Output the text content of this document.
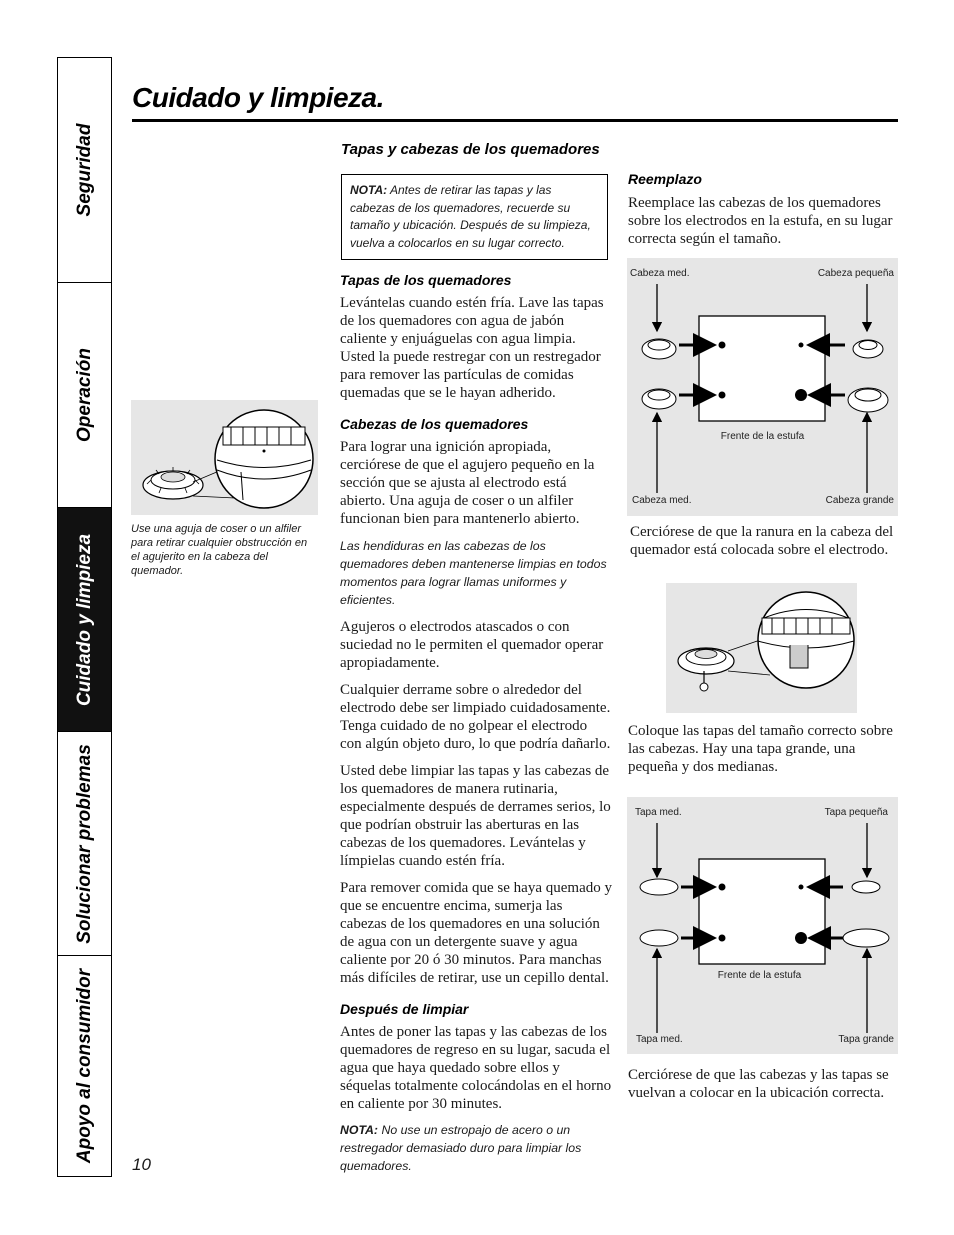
Seguridad
Operación
Cuidado y limpieza
Solucionar problemas
Apoyo al consumidor
Cuidado y limpieza.

Use una aguja de coser o un alfiler para retirar cualquier obstrucción en el agujerito en la cabeza del quemador.

10
Tapas y cabezas de los quemadores

NOTA: Antes de retirar las tapas y las cabezas de los quemadores, recuerde su tamaño y ubicación. Después de su limpieza, vuelva a colocarlos en su lugar correcto.

Tapas de los quemadores

Levántelas cuando estén fría. Lave las tapas de los quemadores con agua de jabón caliente y enjuáguelas con agua limpia. Usted la puede restregar con un restregador para remover las partículas de comidas quemadas que se le hayan adherido.

Cabezas de los quemadores

Para lograr una ignición apropiada, cerciórese de que el agujero pequeño en la sección que se ajusta al electrodo está abierto. Una aguja de coser o un alfiler funcionan bien para mantenerlo abierto.

Las hendiduras en las cabezas de los quemadores deben mantenerse limpias en todos momentos para lograr llamas uniformes y eficientes.

Agujeros o electrodos atascados o con suciedad no le permiten el quemador operar apropiadamente.

Cualquier derrame sobre o alrededor del electrodo debe ser limpiado cuidadosamente. Tenga cuidado de no golpear el electrodo con algún objeto duro, lo que podría dañarlo.

Usted debe limpiar las tapas y las cabezas de los quemadores de manera rutinaria, especialmente después de derrames serios, lo que podrían obstruir las aberturas en las cabezas de los quemadores. Levántelas y límpielas cuando estén fría.

Para remover comida que se haya quemado y que se encuentre encima, sumerja las cabezas de los quemadores en una solución de agua con un detergente suave y agua caliente por 20 ó 30 minutos. Para manchas más difíciles de retirar, use un cepillo dental.

Después de limpiar

Antes de poner las tapas y las cabezas de los quemadores de regreso en su lugar, sacuda el agua que haya quedado sobre ellos y séquelas totalmente colocándolas en el horno en caliente por 30 minutes.

NOTA: No use un estropajo de acero o un restregador demasiado duro para limpiar los quemadores.

Reemplazo

Reemplace las cabezas de los quemadores sobre los electrodos en la estufa, en su lugar correcta según el tamaño.

Cabeza med.	Cabeza pequeña
Frente de la estufa
Cabeza med.	Cabeza grande

Cerciórese de que la ranura en la cabeza del quemador está colocada sobre el electrodo.

Coloque las tapas del tamaño correcto sobre las cabezas. Hay una tapa grande, una pequeña y dos medianas.

Tapa med.	Tapa pequeña
Frente de la estufa
Tapa med.	Tapa grande

Cerciórese de que las cabezas y las tapas se vuelvan a colocar en la ubicación correcta.
